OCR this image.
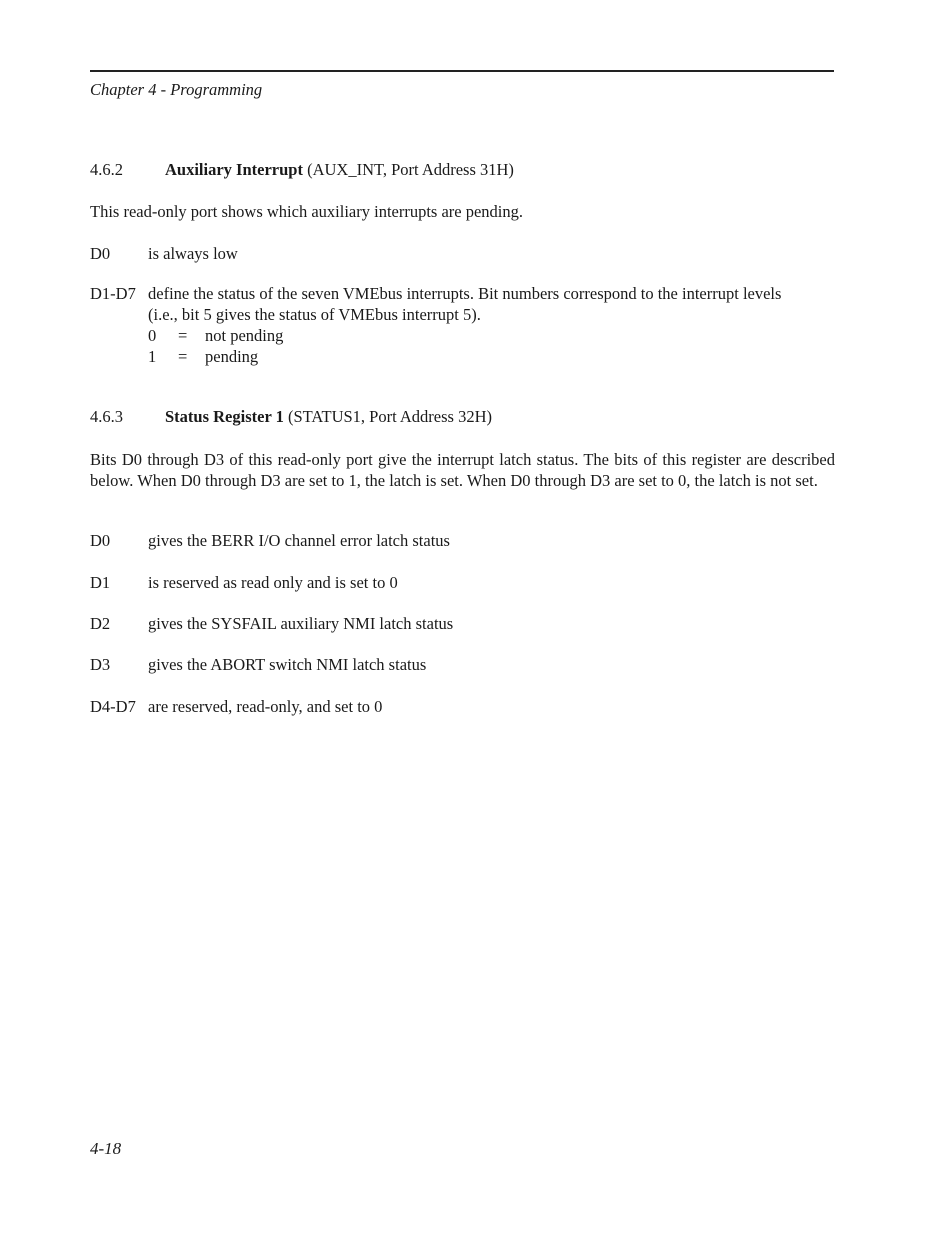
Chapter 4 - Programming
4.6.2	Auxiliary Interrupt (AUX_INT, Port Address 31H)
This read-only port shows which auxiliary interrupts are pending.
D0 is always low
D1-D7 define the status of the seven VMEbus interrupts. Bit numbers correspond to the interrupt levels
(i.e., bit 5 gives the status of VMEbus interrupt 5).
0 = not pending
1 = pending
4.6.3	Status Register 1 (STATUS1, Port Address 32H)
Bits D0 through D3 of this read-only port give the interrupt latch status. The bits of this register are described below. When D0 through D3 are set to 1, the latch is set. When D0 through D3 are set to 0, the latch is not set.
D0 gives the BERR I/O channel error latch status
D1 is reserved as read only and is set to 0
D2 gives the SYSFAIL auxiliary NMI latch status
D3 gives the ABORT switch NMI latch status
D4-D7 are reserved, read-only, and set to 0
4-18
